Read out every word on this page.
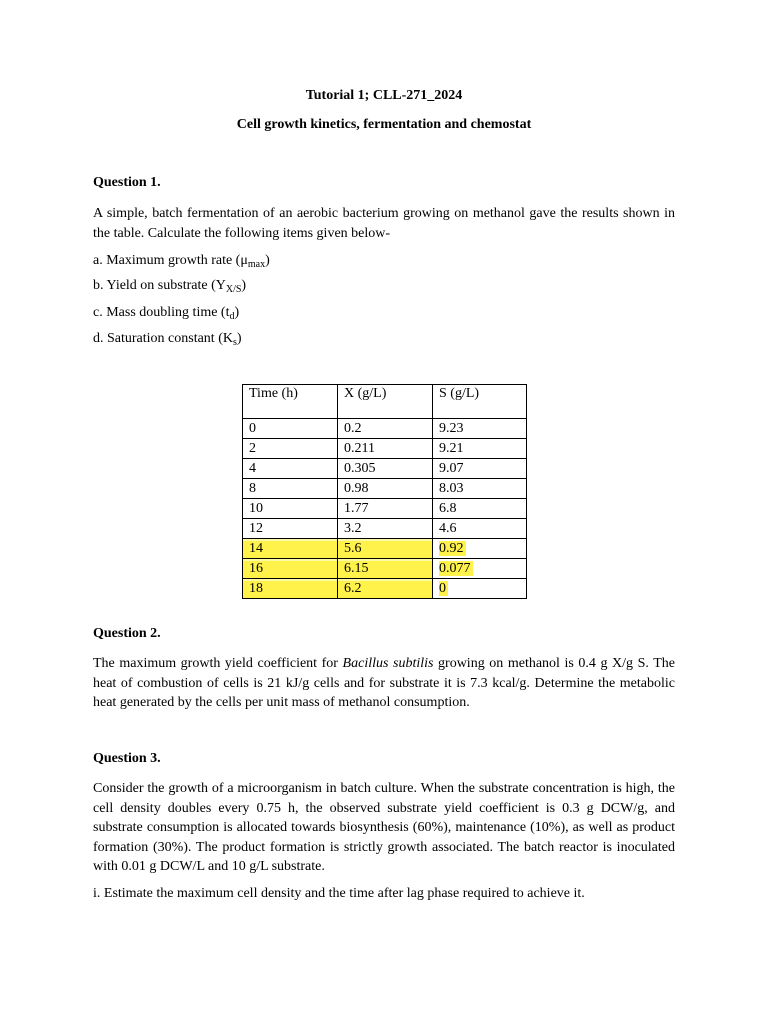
Tutorial 1; CLL-271_2024
Cell growth kinetics, fermentation and chemostat
Question 1.
A simple, batch fermentation of an aerobic bacterium growing on methanol gave the results shown in the table. Calculate the following items given below-
a. Maximum growth rate $(\mu_{max})$
b. Yield on substrate $(Y_{X/S})$
c. Mass doubling time $(t_d)$
d. Saturation constant $(K_s)$
Time (h)	X (g/L)	S (g/L)
0	0.2	9.23
2	0.211	9.21
4	0.305	9.07
8	0.98	8.03
10	1.77	6.8
12	3.2	4.6
14	5.6	0.92
16	6.15	0.077
18	6.2	0
Question 2.
The maximum growth yield coefficient for Bacillus subtilis growing on methanol is 0.4 g X/g S. The heat of combustion of cells is 21 kJ/g cells and for substrate it is 7.3 kcal/g. Determine the metabolic heat generated by the cells per unit mass of methanol consumption.
Question 3.
Consider the growth of a microorganism in batch culture. When the substrate concentration is high, the cell density doubles every 0.75 h, the observed substrate yield coefficient is 0.3 g DCW/g, and substrate consumption is allocated towards biosynthesis (60%), maintenance (10%), as well as product formation (30%). The product formation is strictly growth associated. The batch reactor is inoculated with 0.01 g DCW/L and 10 g/L substrate.
i. Estimate the maximum cell density and the time after lag phase required to achieve it.
